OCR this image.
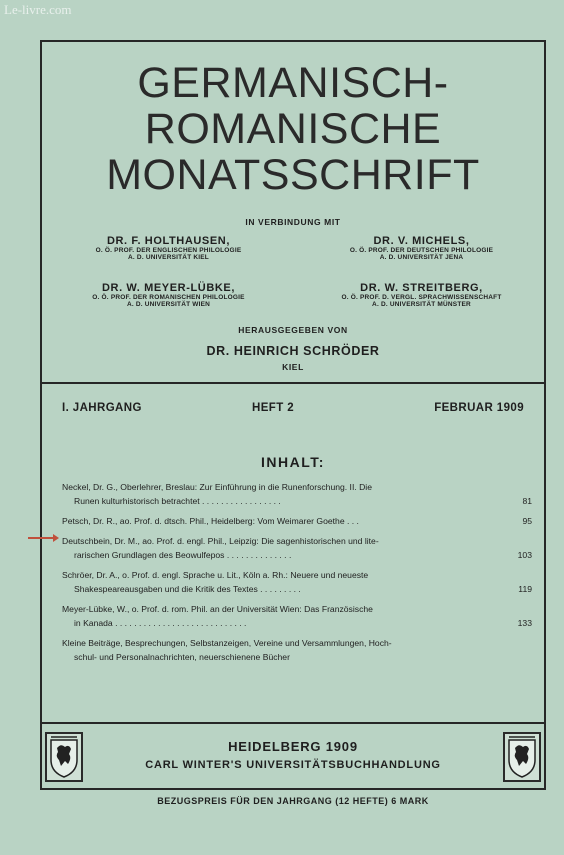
Le-livre.com
GERMANISCH-
ROMANISCHE
MONATSSCHRIFT
IN VERBINDUNG MIT
DR. F. HOLTHAUSEN,
O. Ö. PROF. DER ENGLISCHEN PHILOLOGIE
A. D. UNIVERSITÄT KIEL
DR. V. MICHELS,
O. Ö. PROF. DER DEUTSCHEN PHILOLOGIE
A. D. UNIVERSITÄT JENA
DR. W. MEYER-LÜBKE,
O. Ö. PROF. DER ROMANISCHEN PHILOLOGIE
A. D. UNIVERSITÄT WIEN
DR. W. STREITBERG,
O. Ö. PROF. D. VERGL. SPRACHWISSENSCHAFT
A. D. UNIVERSITÄT MÜNSTER
HERAUSGEGEBEN VON
DR. HEINRICH SCHRÖDER
KIEL
I. JAHRGANG	HEFT 2	FEBRUAR 1909
INHALT:
Neckel, Dr. G., Oberlehrer, Breslau: Zur Einführung in die Runenforschung. II. Die
Runen kulturhistorisch betrachtet . . . . . . . . . . . . . . . . .	81
Petsch, Dr. R., ao. Prof. d. dtsch. Phil., Heidelberg: Vom Weimarer Goethe . . .	95
Deutschbein, Dr. M., ao. Prof. d. engl. Phil., Leipzig: Die sagenhistorischen und lite-
rarischen Grundlagen des Beowulfepos . . . . . . . . . . . . . .	103
Schröer, Dr. A., o. Prof. d. engl. Sprache u. Lit., Köln a. Rh.: Neuere und neueste
Shakespeareausgaben und die Kritik des Textes . . . . . . . . .	119
Meyer-Lübke, W., o. Prof. d. rom. Phil. an der Universität Wien: Das Französische
in Kanada . . . . . . . . . . . . . . . . . . . . . . . . . . . .	133
Kleine Beiträge, Besprechungen, Selbstanzeigen, Vereine und Versammlungen, Hoch-
schul- und Personalnachrichten, neuerschienene Bücher
HEIDELBERG 1909
CARL WINTER'S UNIVERSITÄTSBUCHHANDLUNG
BEZUGSPREIS FÜR DEN JAHRGANG (12 HEFTE) 6 MARK
